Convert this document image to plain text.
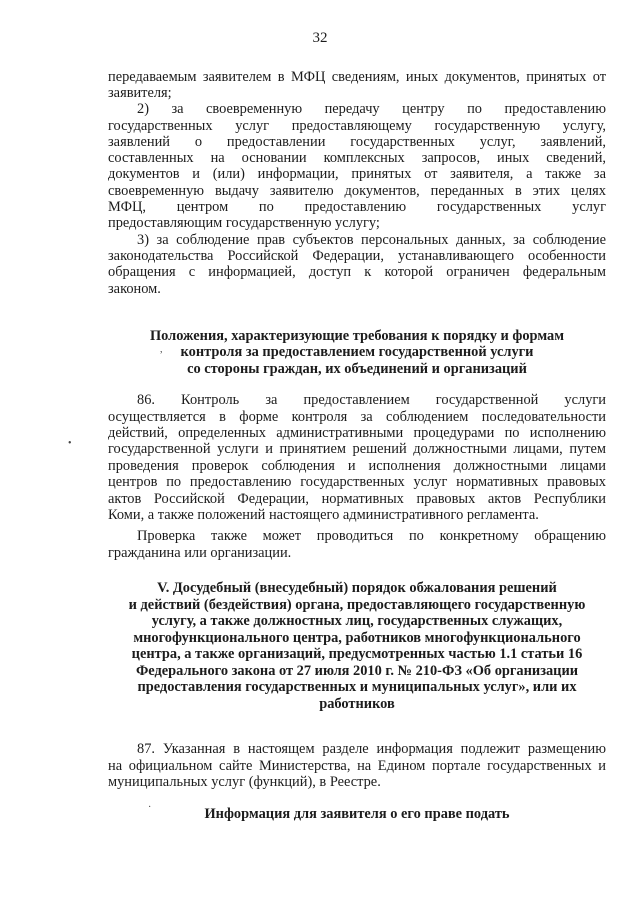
32
передаваемым заявителем в МФЦ сведениям, иных документов, принятых от
заявителя;
2) за своевременную передачу центру по предоставлению
государственных услуг предоставляющему государственную услугу,
заявлений о предоставлении государственных услуг, заявлений,
составленных на основании комплексных запросов, иных сведений,
документов и (или) информации, принятых от заявителя, а также за
своевременную выдачу заявителю документов, переданных в этих целях
МФЦ, центром по предоставлению государственных услуг
предоставляющим государственную услугу;
3) за соблюдение прав субъектов персональных данных, за соблюдение
законодательства Российской Федерации, устанавливающего особенности
обращения с информацией, доступ к которой ограничен федеральным
законом.
Положения, характеризующие требования к порядку и формам
контроля за предоставлением государственной услуги
со стороны граждан, их объединений и организаций
,
86. Контроль за предоставлением государственной услуги
осуществляется в форме контроля за соблюдением последовательности
действий, определенных административными процедурами по исполнению
государственной услуги и принятием решений должностными лицами, путем
проведения проверок соблюдения и исполнения должностными лицами
центров по предоставлению государственных услуг нормативных правовых
актов Российской Федерации, нормативных правовых актов Республики
Коми, а также положений настоящего административного регламента.
•
Проверка также может проводиться по конкретному обращению
гражданина или организации.
V. Досудебный (внесудебный) порядок обжалования решений
и действий (бездействия) органа, предоставляющего государственную
услугу, а также должностных лиц, государственных служащих,
многофункционального центра, работников многофункционального
центра, а также организаций, предусмотренных частью 1.1 статьи 16
Федерального закона от 27 июля 2010 г. № 210-ФЗ «Об организации
предоставления государственных и муниципальных услуг», или их
работников
87. Указанная в настоящем разделе информация подлежит размещению
на официальном сайте Министерства, на Едином портале государственных и
муниципальных услуг (функций), в Реестре.
Информация для заявителя о его праве подать
·
